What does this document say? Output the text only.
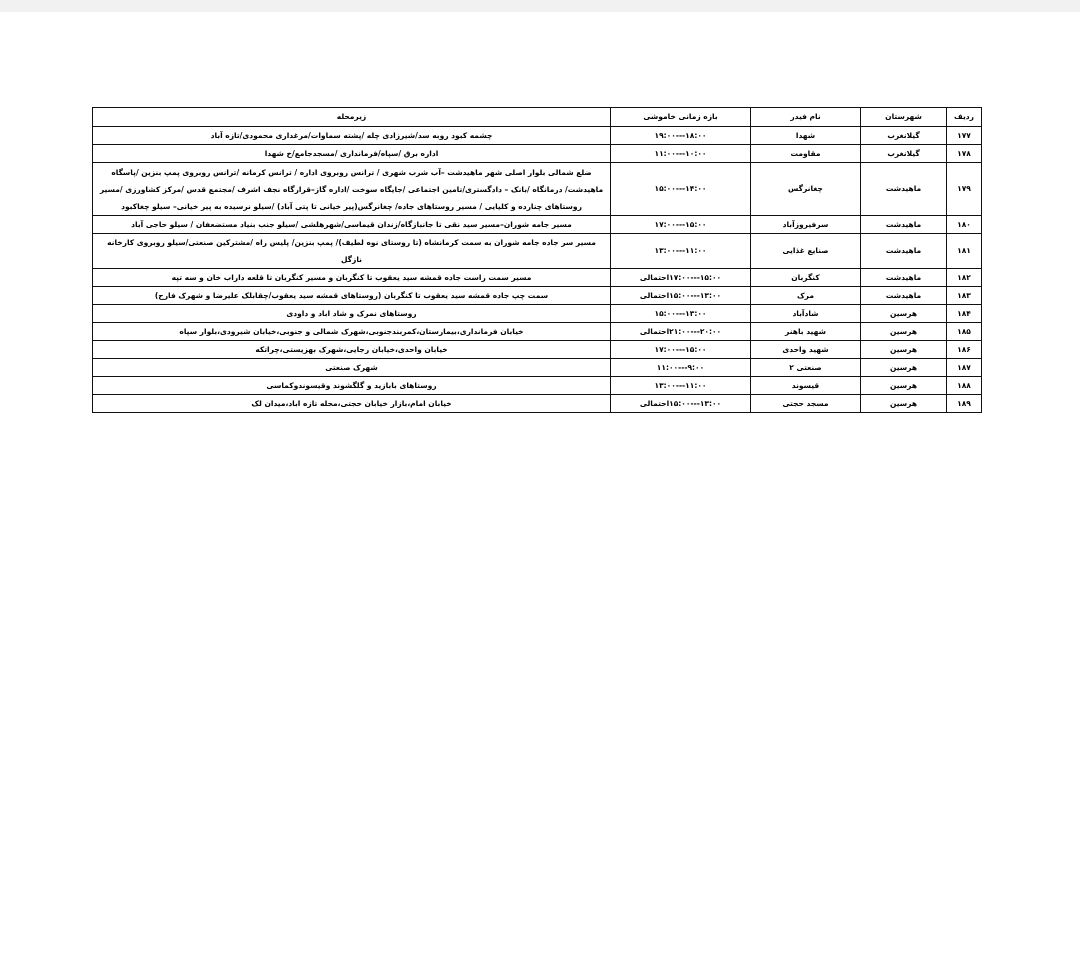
ردیف	شهرستان	نام فیدر	بازه زمانی خاموشی	زیرمحله
۱۷۷	گیلانغرب	شهدا	۱۸:۰۰---۱۹:۰۰	چشمه کبود روبه سد/شیرزادی چله /پشته سماوات/مرغداری محمودی/تازه آباد
۱۷۸	گیلانغرب	مقاومت	۱۰:۰۰---۱۱:۰۰	اداره برق /سپاه/فرمانداری /مسجدجامع/خ شهدا
۱۷۹	ماهیدشت	چغانرگس	۱۴:۰۰---۱۵:۰۰	ضلع شمالی بلوار اصلی شهر ماهیدشت –آب شرب شهری / ترانس روبروی اداره / ترانس کرمانه /ترانس روبروی پمپ بنزین /پاسگاه ماهیدشت/ درمانگاه /بانک – دادگستری/تامین اجتماعی /جایگاه سوخت /اداره گاز–قرارگاه نجف اشرف /مجتمع قدس /مرکز کشاورزی /مسیر روستاهای چنارده و کلیایی / مسیر روستاهای جاده/ چغانرگس(پیر خیانی تا پتی آباد) /سیلو نرسیده به پیر خیانی– سیلو چغاکبود
۱۸۰	ماهیدشت	سرفیروزآباد	۱۵:۰۰---۱۷:۰۰	مسیر جامه شوران–مسیر سید نقی تا جانبازگاه/زندان قیماسی/شهرهلشی /سیلو جنب بنیاد مستضعفان / سیلو حاجی آباد
۱۸۱	ماهیدشت	صنایع غذایی	۱۱:۰۰---۱۳:۰۰	مسیر سر جاده جامه شوران به سمت کرمانشاه (تا روستای نوه لطیف)/ پمپ بنزین/ پلیس راه /مشترکین صنعتی/سیلو روبروی کارخانه نازگل
۱۸۲	ماهیدشت	کنگربان	۱۵:۰۰---۱۷:۰۰احتمالی	مسیر سمت راست جاده قمشه سید یعقوب تا کنگربان و مسیر کنگربان تا قلعه داراب خان و سه تپه
۱۸۳	ماهیدشت	مرک	۱۳:۰۰---۱۵:۰۰احتمالی	سمت چپ جاده قمشه سید یعقوب تا کنگربان (روستاهای قمشه سید یعقوب/چقابلک علیرضا و شهرک فارح)
۱۸۴	هرسین	شادآباد	۱۳:۰۰---۱۵:۰۰	روستاهای نمرک و شاد اباد و داودی
۱۸۵	هرسین	شهید باهنر	۲۰:۰۰---۲۱:۰۰احتمالی	خیابان فرمانداری،بیمارستان،کمربندجنوبی،شهرک شمالی و جنوبی،خیابان شیرودی،بلوار سپاه
۱۸۶	هرسین	شهید واحدی	۱۵:۰۰---۱۷:۰۰	خیابان واحدی،خیابان رجایی،شهرک بهزیستی،چراتکه
۱۸۷	هرسین	صنعتی ۲	۹:۰۰---۱۱:۰۰	شهرک صنعتی
۱۸۸	هرسین	قیسوند	۱۱:۰۰---۱۳:۰۰	روستاهای بابازید و گلگشوند وقیسوندوکماسی
۱۸۹	هرسین	مسجد حجتی	۱۳:۰۰---۱۵:۰۰احتمالی	خیابان امام،بازار خیابان حجتی،محله تازه اباد،میدان لک
